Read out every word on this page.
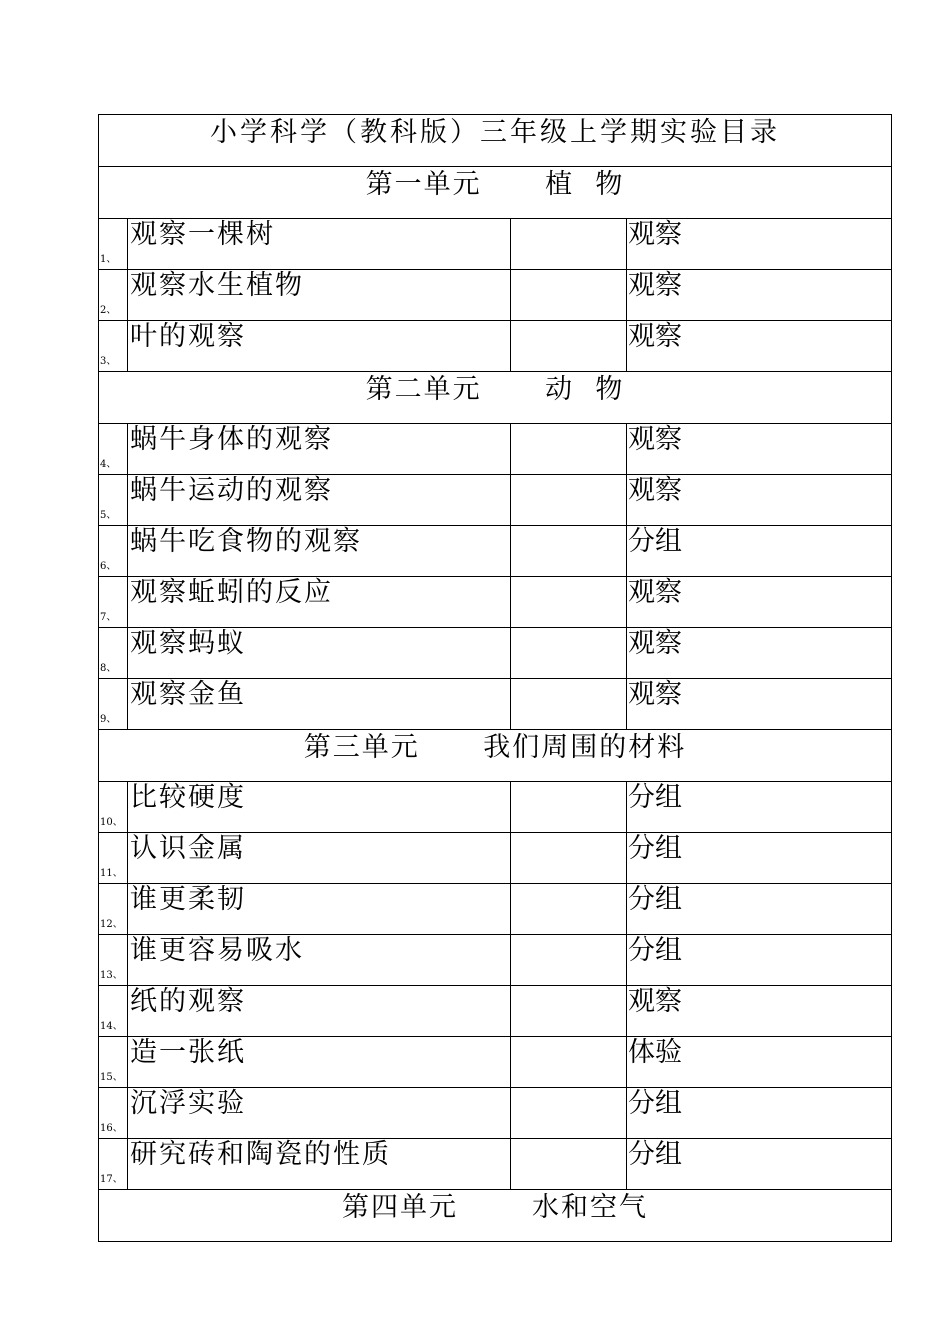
小学科学（教科版）三年级上学期实验目录			
第一单元      植  物			
1、	观察一棵树		观察
2、	观察水生植物		观察
3、	叶的观察		观察
第二单元      动  物			
4、	蜗牛身体的观察		观察
5、	蜗牛运动的观察		观察
6、	蜗牛吃食物的观察		分组
7、	观察蚯蚓的反应		观察
8、	观察蚂蚁		观察
9、	观察金鱼		观察
第三单元      我们周围的材料			
10、	比较硬度		分组
11、	认识金属		分组
12、	谁更柔韧		分组
13、	谁更容易吸水		分组
14、	纸的观察		观察
15、	造一张纸		体验
16、	沉浮实验		分组
17、	研究砖和陶瓷的性质		分组
第四单元       水和空气			
